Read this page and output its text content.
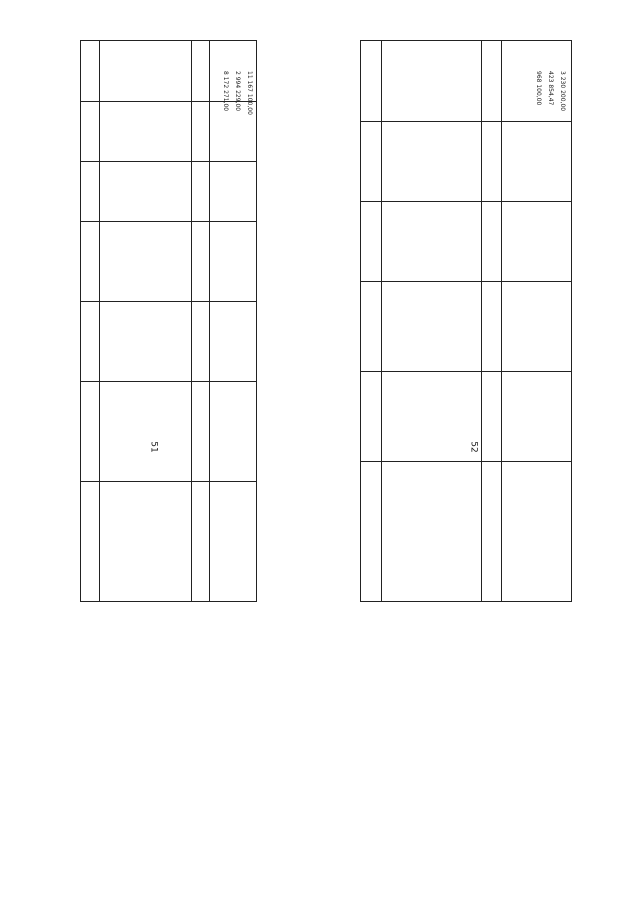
51
11 167 100,00
2 994 229,00
8 172 271,00
52
3 230 200,00
423 854,47
968 100,00
